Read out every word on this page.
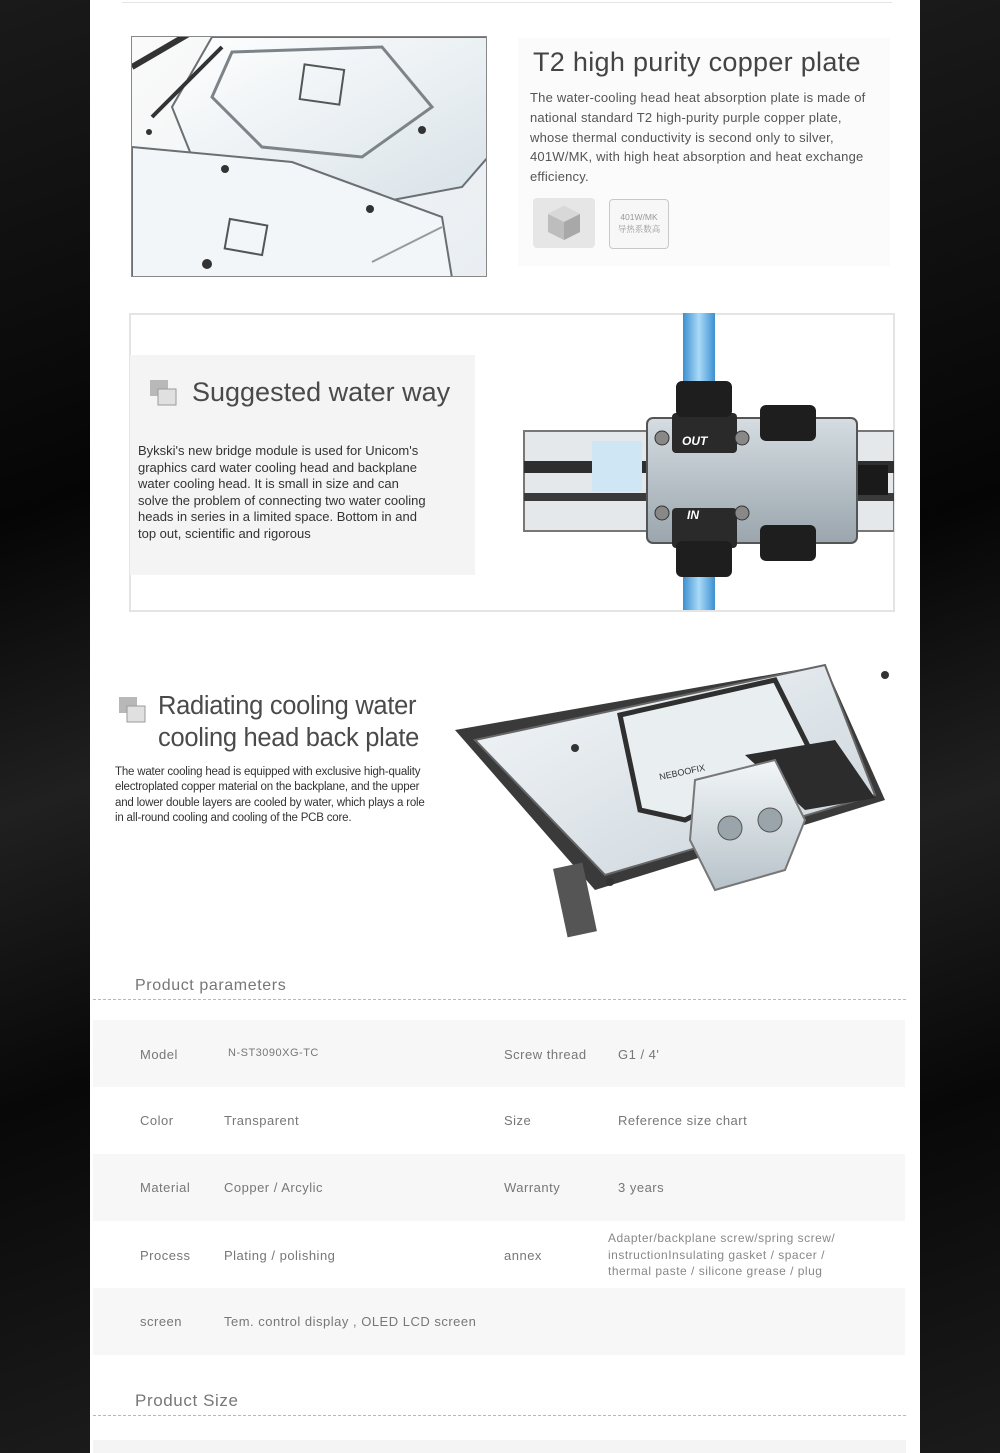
T2 high purity copper plate
The water-cooling head heat absorption plate is made of national standard T2 high-purity purple copper plate, whose thermal conductivity is second only to silver, 401W/MK, with high heat absorption and heat exchange efficiency.
401W/MK
导热系数高
Suggested water way
Bykski's new bridge module is used for Unicom's graphics card water cooling head and backplane water cooling head. It is small in size and can solve the problem of connecting two water cooling heads in series in a limited space. Bottom in and top out, scientific and rigorous
OUT
IN
Radiating cooling water cooling head back plate
The water cooling head is equipped with exclusive high-quality electroplated copper material on the backplane, and the upper and lower double layers are cooled by water, which plays a role in all-round cooling and cooling of the PCB core.
NEBOOFIX
Product parameters
Model	N-ST3090XG-TC	Screw thread G1 / 4'
Color	Transparent	Size	Reference size chart
Material	Copper / Arcylic	Warranty	3 years
Process	Plating / polishing	annex
Adapter/backplane screw/spring screw/ instructionInsulating gasket / spacer / thermal paste / silicone grease / plug
screen	Tem. control display , OLED LCD screen
Product Size
